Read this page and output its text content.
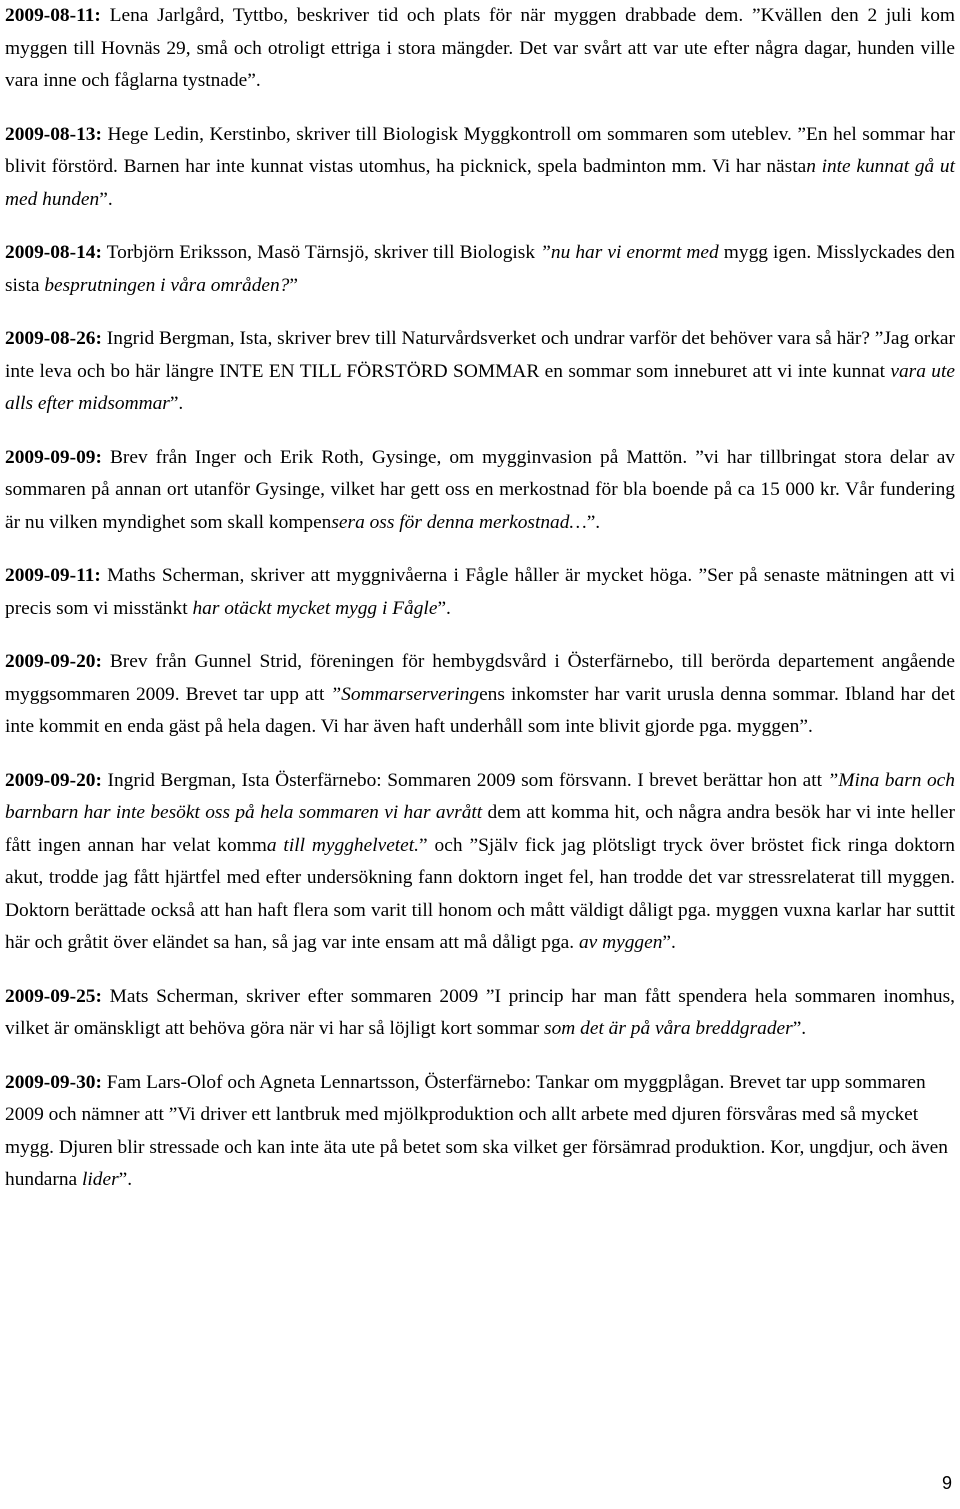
2009-08-11: Lena Jarlgård, Tyttbo, beskriver tid och plats för när myggen drabbade dem. ”Kvällen den 2 juli kom myggen till Hovnäs 29, små och otroligt ettriga i stora mängder. Det var svårt att var ute efter några dagar, hunden ville vara inne och fåglarna tystnade”.

2009-08-13: Hege Ledin, Kerstinbo, skriver till Biologisk Myggkontroll om sommaren som uteblev. ”En hel sommar har blivit förstörd. Barnen har inte kunnat vistas utomhus, ha picknick, spela badminton mm. Vi har nästan inte kunnat gå ut med hunden”.

2009-08-14: Torbjörn Eriksson, Masö Tärnsjö, skriver till Biologisk ”nu har vi enormt med mygg igen. Misslyckades den sista besprutningen i våra områden?”

2009-08-26: Ingrid Bergman, Ista, skriver brev till Naturvårdsverket och undrar varför det behöver vara så här? ”Jag orkar inte leva och bo här längre INTE EN TILL FÖRSTÖRD SOMMAR en sommar som inneburet att vi inte kunnat vara ute alls efter midsommar”.

2009-09-09: Brev från Inger och Erik Roth, Gysinge, om mygginvasion på Mattön. ”vi har tillbringat stora delar av sommaren på annan ort utanför Gysinge, vilket har gett oss en merkostnad för bla boende på ca 15 000 kr. Vår fundering är nu vilken myndighet som skall kompensera oss för denna merkostnad…”.

2009-09-11: Maths Scherman, skriver att myggnivåerna i Fågle håller är mycket höga. ”Ser på senaste mätningen att vi precis som vi misstänkt har otäckt mycket mygg i Fågle”.

2009-09-20: Brev från Gunnel Strid, föreningen för hembygdsvård i Österfärnebo, till berörda departement angående myggsommaren 2009. Brevet tar upp att ”Sommarserveringens inkomster har varit urusla denna sommar. Ibland har det inte kommit en enda gäst på hela dagen. Vi har även haft underhåll som inte blivit gjorde pga. myggen”.

2009-09-20: Ingrid Bergman, Ista Österfärnebo: Sommaren 2009 som försvann. I brevet berättar hon att ”Mina barn och barnbarn har inte besökt oss på hela sommaren vi har avrått dem att komma hit, och några andra besök har vi inte heller fått ingen annan har velat komma till mygghelvetet.” och ”Själv fick jag plötsligt tryck över bröstet fick ringa doktorn akut, trodde jag fått hjärtfel med efter undersökning fann doktorn inget fel, han trodde det var stressrelaterat till myggen. Doktorn berättade också att han haft flera som varit till honom och mått väldigt dåligt pga. myggen vuxna karlar har suttit här och gråtit över eländet sa han, så jag var inte ensam att må dåligt pga. av myggen”.

2009-09-25: Mats Scherman, skriver efter sommaren 2009 ”I princip har man fått spendera hela sommaren inomhus, vilket är omänskligt att behöva göra när vi har så löjligt kort sommar som det är på våra breddgrader”.

2009-09-30: Fam Lars-Olof och Agneta Lennartsson, Österfärnebo: Tankar om myggplågan. Brevet tar upp sommaren 2009 och nämner att ”Vi driver ett lantbruk med mjölkproduktion och allt arbete med djuren försvåras med så mycket mygg. Djuren blir stressade och kan inte äta ute på betet som ska vilket ger försämrad produktion. Kor, ungdjur, och även hundarna lider”.

9
